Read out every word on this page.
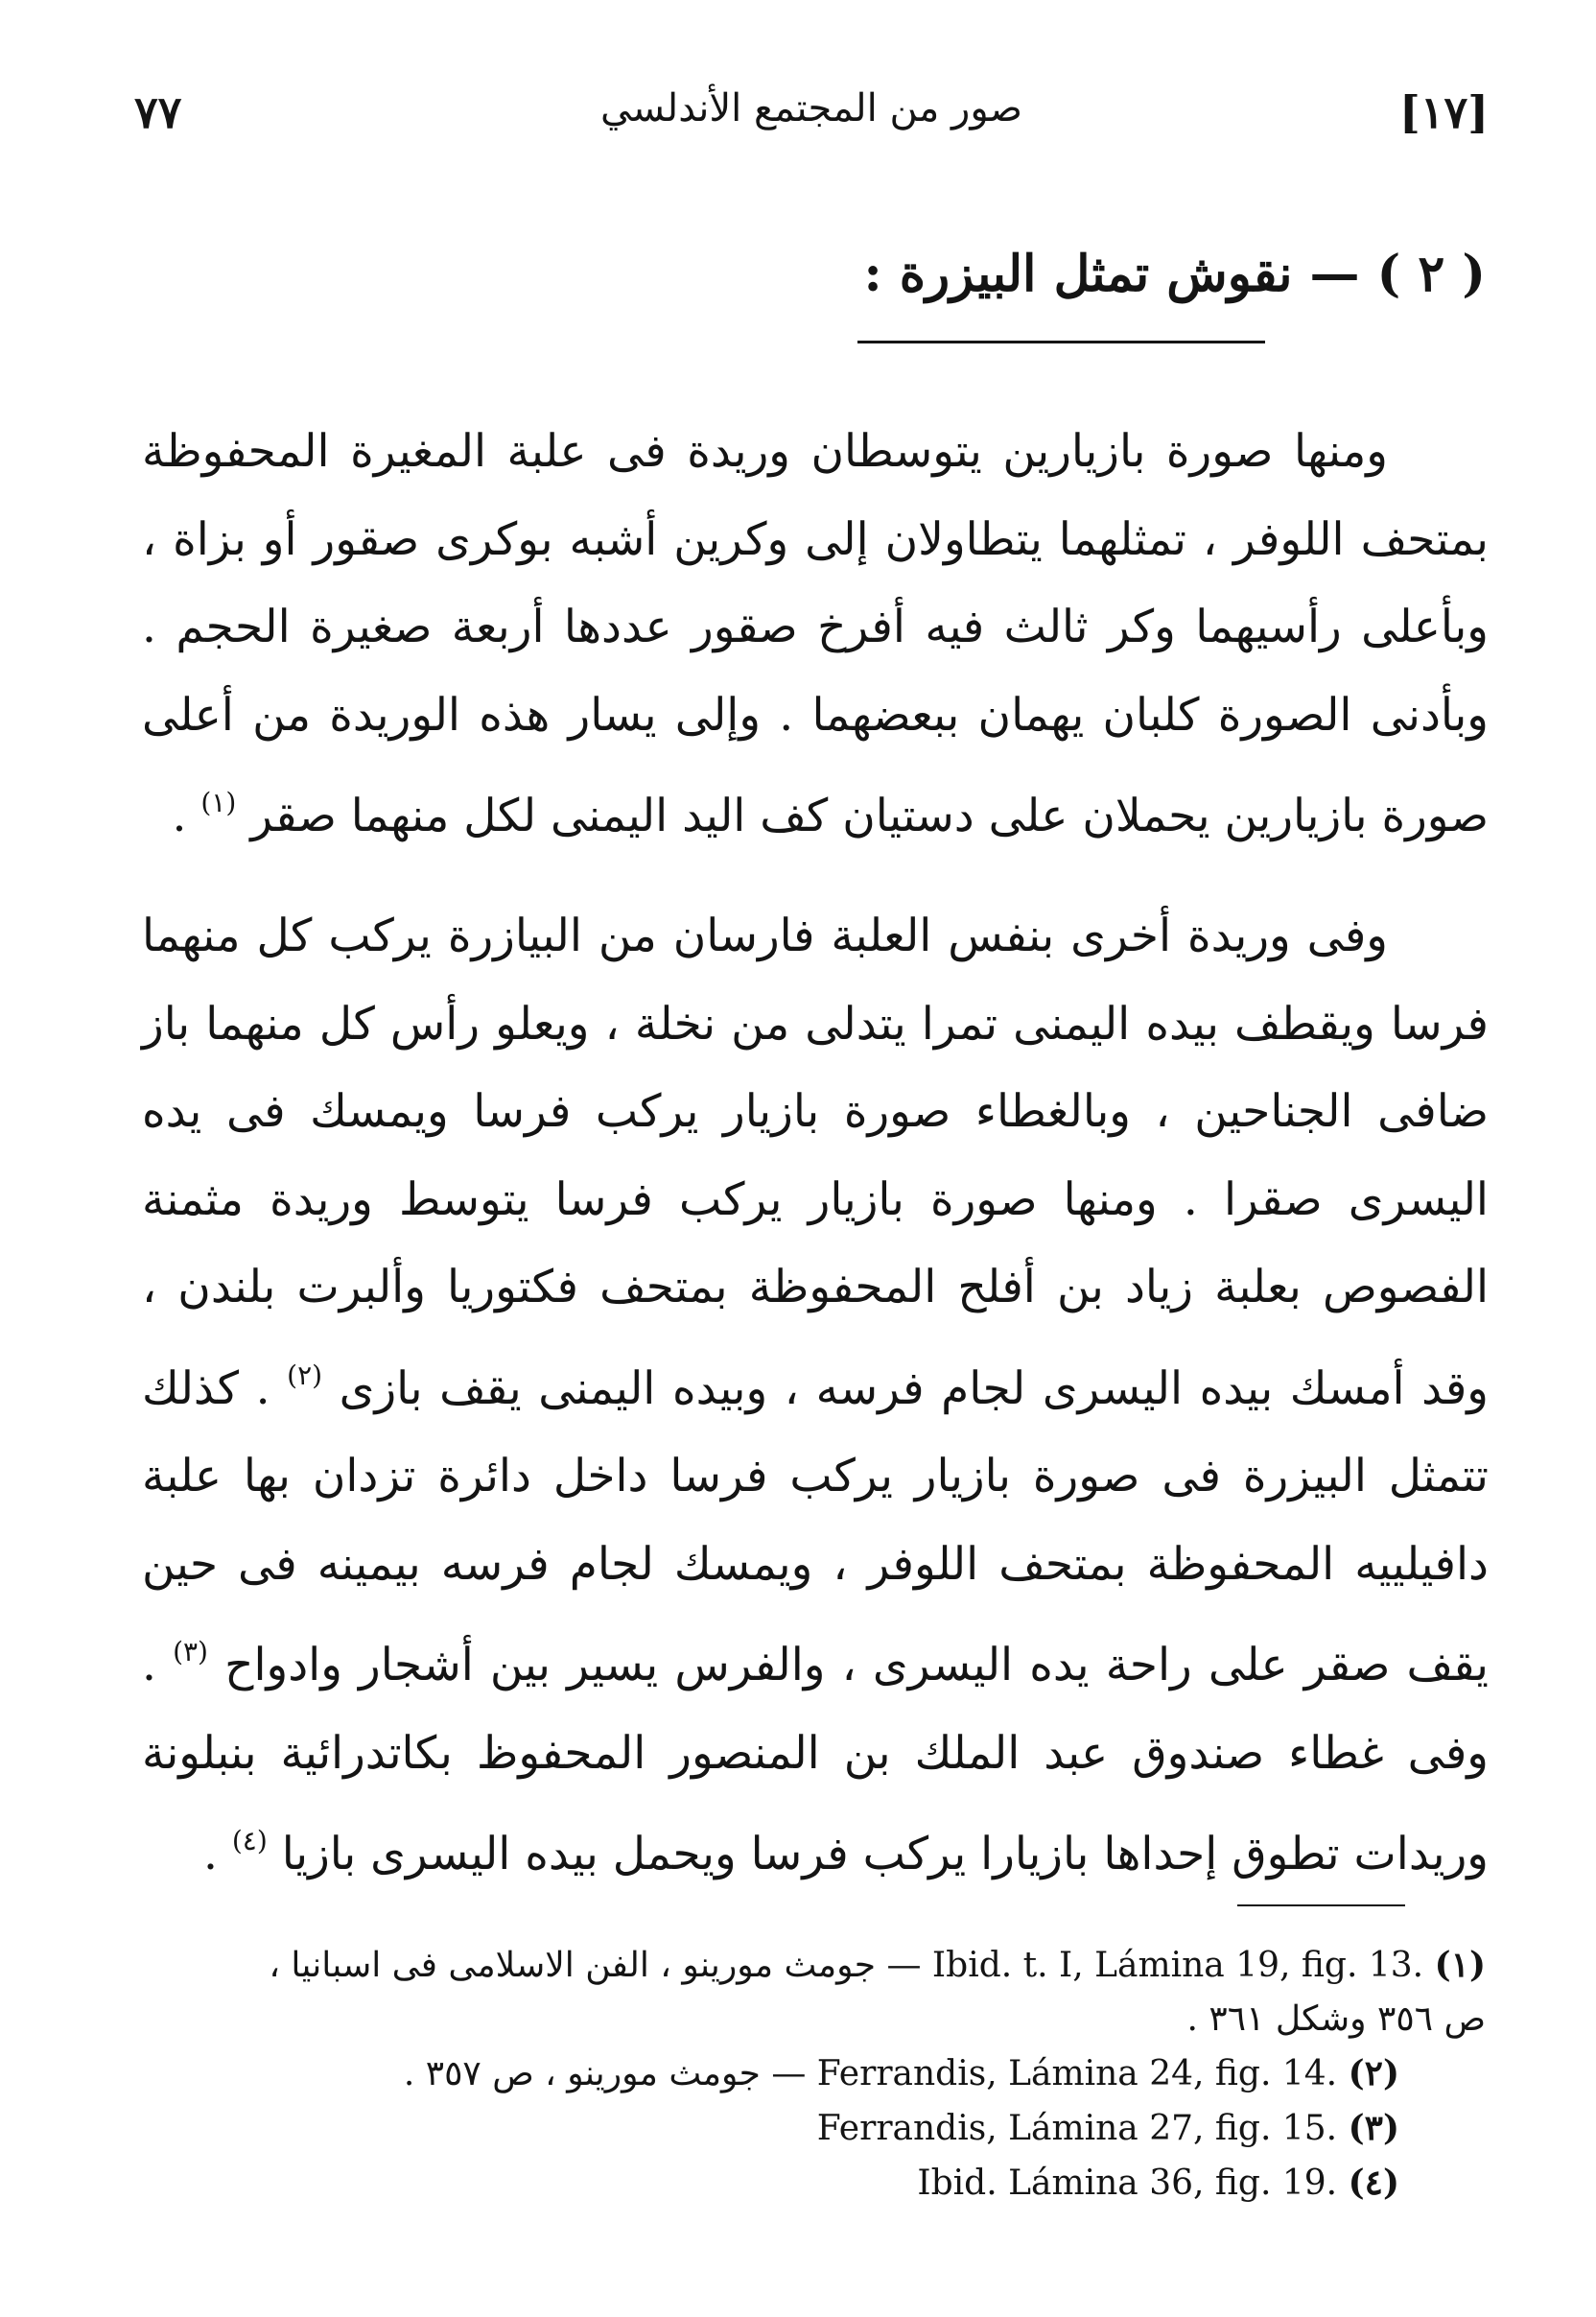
٧٧	صور من المجتمع الأندلسي	[١٧]
( ٢ ) — نقوش تمثل البيزرة :

ومنها صورة بازيارين يتوسطان وريدة فى علبة المغيرة المحفوظة بمتحف اللوفر ، تمثلهما يتطاولان إلى وكرين أشبه بوكرى صقور أو بزاة ، وبأعلى رأسيهما وكر ثالث فيه أفرخ صقور عددها أربعة صغيرة الحجم . وبأدنى الصورة كلبان يهمان ببعضهما . وإلى يسار هذه الوريدة من أعلى صورة بازيارين يحملان على دستيان كف اليد اليمنى لكل منهما صقر $^{(١)}$ .

وفى وريدة أخرى بنفس العلبة فارسان من البيازرة يركب كل منهما فرسا ويقطف بيده اليمنى تمرا يتدلى من نخلة ، ويعلو رأس كل منهما باز ضافى الجناحين ، وبالغطاء صورة بازيار يركب فرسا ويمسك فى يده اليسرى صقرا . ومنها صورة بازيار يركب فرسا يتوسط وريدة مثمنة الفصوص بعلبة زياد بن أفلح المحفوظة بمتحف فكتوريا وألبرت بلندن ، وقد أمسك بيده اليسرى لجام فرسه ، وبيده اليمنى يقف بازى $^{(٢)}$ . كذلك تتمثل البيزرة فى صورة بازيار يركب فرسا داخل دائرة تزدان بها علبة دافيلييه المحفوظة بمتحف اللوفر ، ويمسك لجام فرسه بيمينه فى حين يقف صقر على راحة يده اليسرى ، والفرس يسير بين أشجار وادواح $^{(٣)}$ . وفى غطاء صندوق عبد الملك بن المنصور المحفوظ بكاتدرائية بنبلونة وريدات تطوق إحداها بازيارا يركب فرسا ويحمل بيده اليسرى بازيا $^{(٤)}$ .

(١) Ibid. t. I, Lámina 19, fig. 13. — جومث مورينو ، الفن الاسلامى فى اسبانيا ،

ص ٣٥٦ وشكل ٣٦١ .

(٢) Ferrandis, Lámina 24, fig. 14. — جومث مورينو ، ص ٣٥٧ .

(٣) Ferrandis, Lámina 27, fig. 15.

(٤) Ibid. Lámina 36, fig. 19.
